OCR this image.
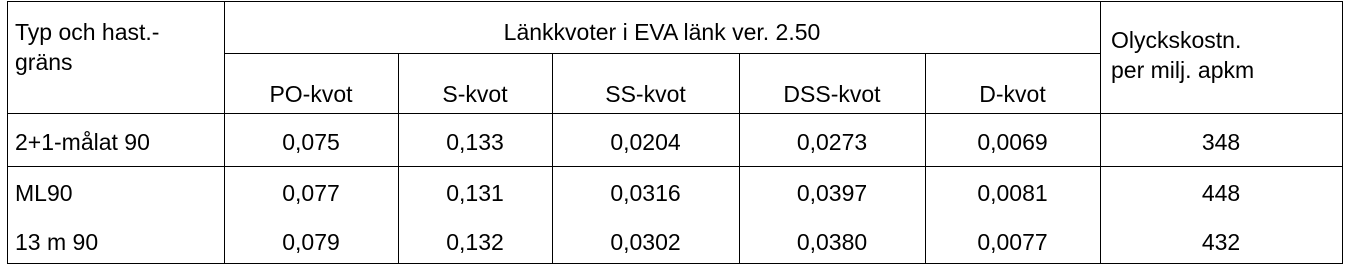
Typ och hast.-
gräns
Länkkvoter i EVA länk ver. 2.50	Olyckskostn.
per milj. apkm
PO-kvot	S-kvot	SS-kvot	DSS-kvot	D-kvot
2+1-målat 90	0,075	0,133	0,0204	0,0273	0,0069	348
ML90	0,077	0,131	0,0316	0,0397	0,0081	448
13 m 90	0,079	0,132	0,0302	0,0380	0,0077	432
